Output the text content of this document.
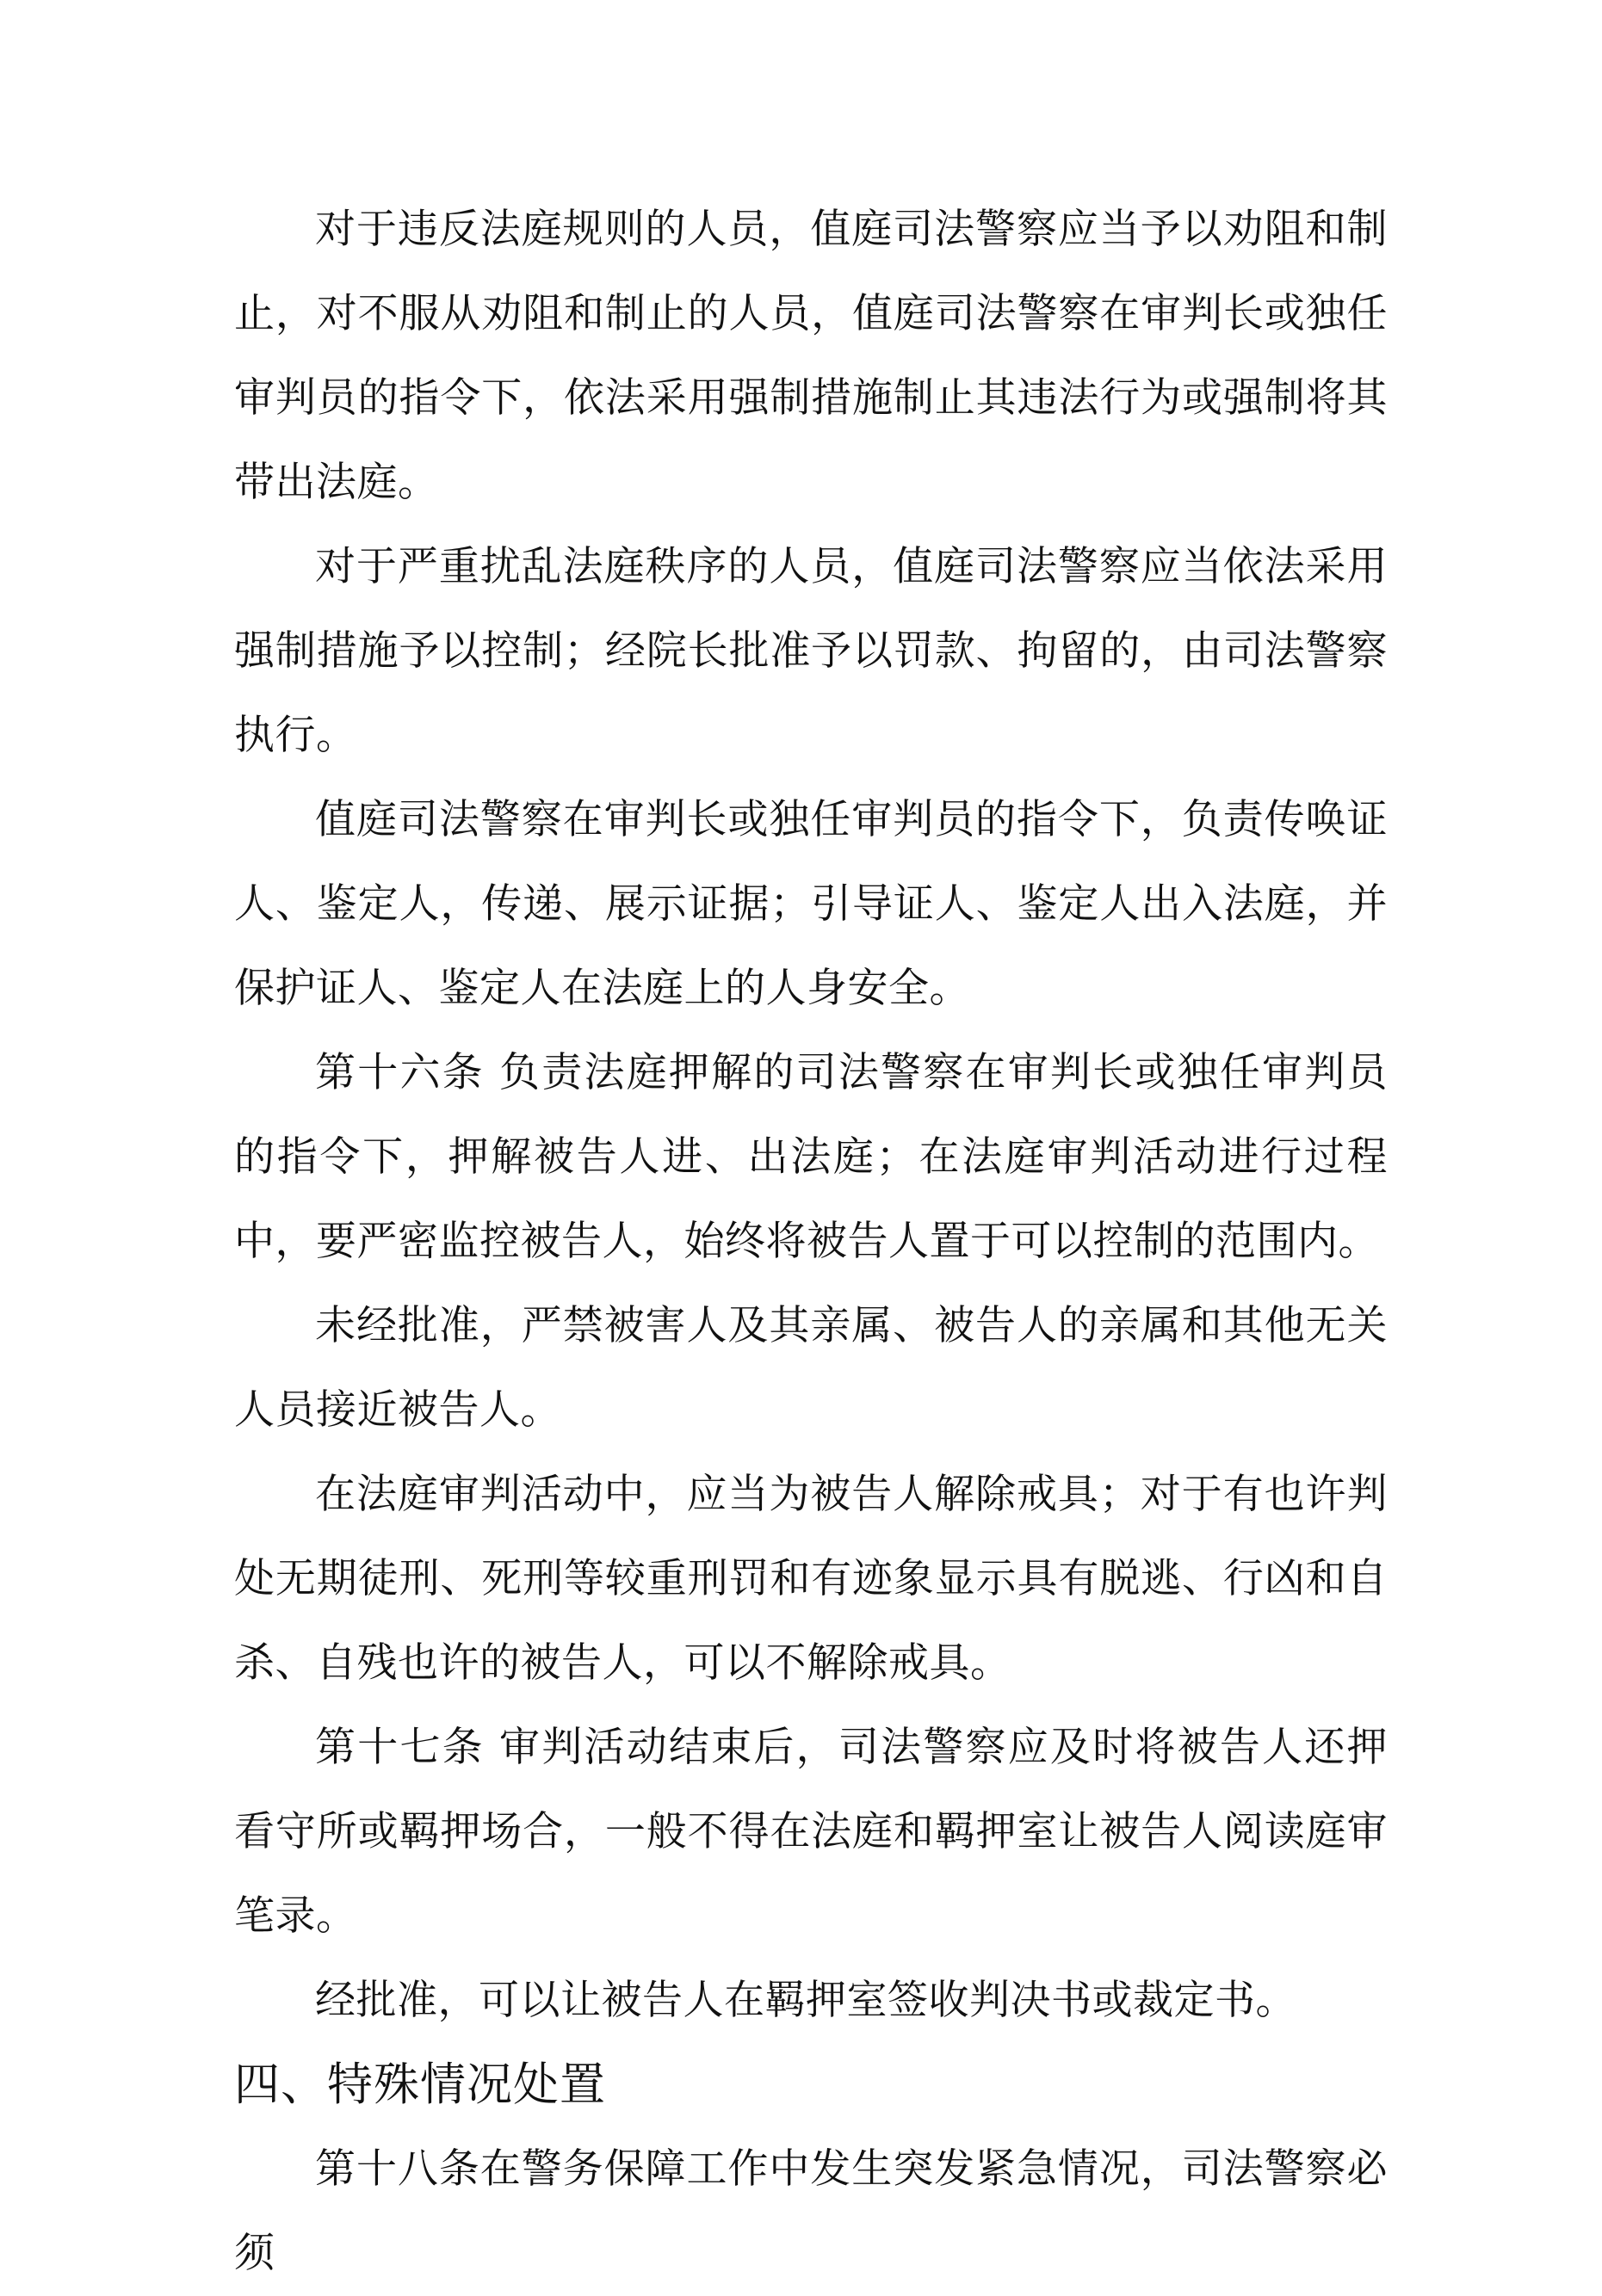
对于违反法庭规则的人员，值庭司法警察应当予以劝阻和制止，对不服从劝阻和制止的人员，值庭司法警察在审判长或独任审判员的指令下，依法采用强制措施制止其违法行为或强制将其带出法庭。

对于严重扰乱法庭秩序的人员，值庭司法警察应当依法采用强制措施予以控制；经院长批准予以罚款、拘留的，由司法警察执行。

值庭司法警察在审判长或独任审判员的指令下，负责传唤证人、鉴定人，传递、展示证据；引导证人、鉴定人出入法庭，并保护证人、鉴定人在法庭上的人身安全。

第十六条 负责法庭押解的司法警察在审判长或独任审判员的指令下，押解被告人进、出法庭；在法庭审判活动进行过程中，要严密监控被告人，始终将被告人置于可以控制的范围内。

未经批准，严禁被害人及其亲属、被告人的亲属和其他无关人员接近被告人。

在法庭审判活动中，应当为被告人解除戒具；对于有也许判处无期徒刑、死刑等较重刑罚和有迹象显示具有脱逃、行凶和自杀、自残也许的被告人，可以不解除戒具。

第十七条 审判活动结束后，司法警察应及时将被告人还押看守所或羁押场合，一般不得在法庭和羁押室让被告人阅读庭审笔录。

经批准，可以让被告人在羁押室签收判决书或裁定书。

四、特殊情况处置

第十八条在警务保障工作中发生突发紧急情况，司法警察必须
